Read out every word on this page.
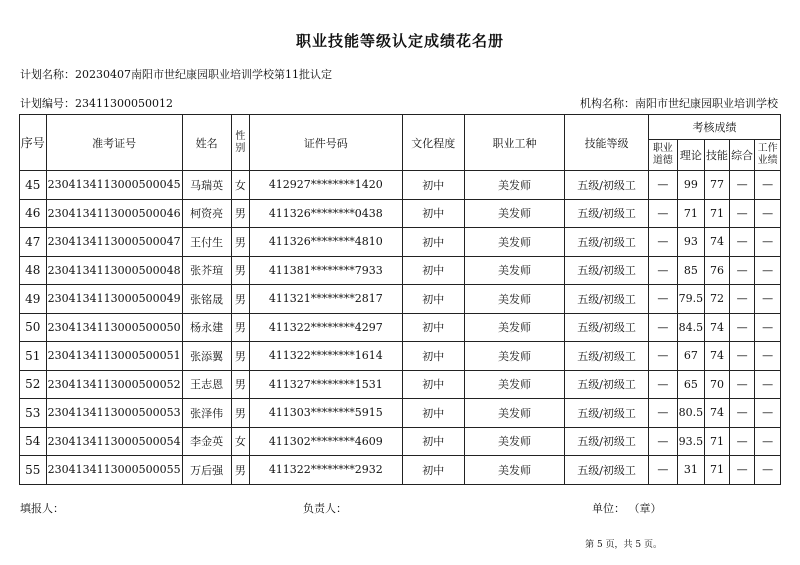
职业技能等级认定成绩花名册
计划名称：20230407南阳市世纪康园职业培训学校第11批认定
计划编号：23411300050012	机构名称：南阳市世纪康园职业培训学校
序号	准考证号	姓名	性别	证件号码	文化程度	职业工种	技能等级	考核成绩				
								职业道德	理论	技能	综合	工作业绩
45	2304134113000500045	马瑞英	女	412927********1420	初中	美发师	五级/初级工	—	99	77	—	—
46	2304134113000500046	柯资亮	男	411326********0438	初中	美发师	五级/初级工	—	71	71	—	—
47	2304134113000500047	王付生	男	411326********4810	初中	美发师	五级/初级工	—	93	74	—	—
48	2304134113000500048	张芥瑄	男	411381********7933	初中	美发师	五级/初级工	—	85	76	—	—
49	2304134113000500049	张铭晟	男	411321********2817	初中	美发师	五级/初级工	—	79.5	72	—	—
50	2304134113000500050	杨永建	男	411322********4297	初中	美发师	五级/初级工	—	84.5	74	—	—
51	2304134113000500051	张添翼	男	411322********1614	初中	美发师	五级/初级工	—	67	74	—	—
52	2304134113000500052	王志恩	男	411327********1531	初中	美发师	五级/初级工	—	65	70	—	—
53	2304134113000500053	张泽伟	男	411303********5915	初中	美发师	五级/初级工	—	80.5	74	—	—
54	2304134113000500054	李金英	女	411302********4609	初中	美发师	五级/初级工	—	93.5	71	—	—
55	2304134113000500055	万后强	男	411322********2932	初中	美发师	五级/初级工	—	31	71	—	—
填报人：	负责人：	单位： （章）
第 5 页，共 5 页。
